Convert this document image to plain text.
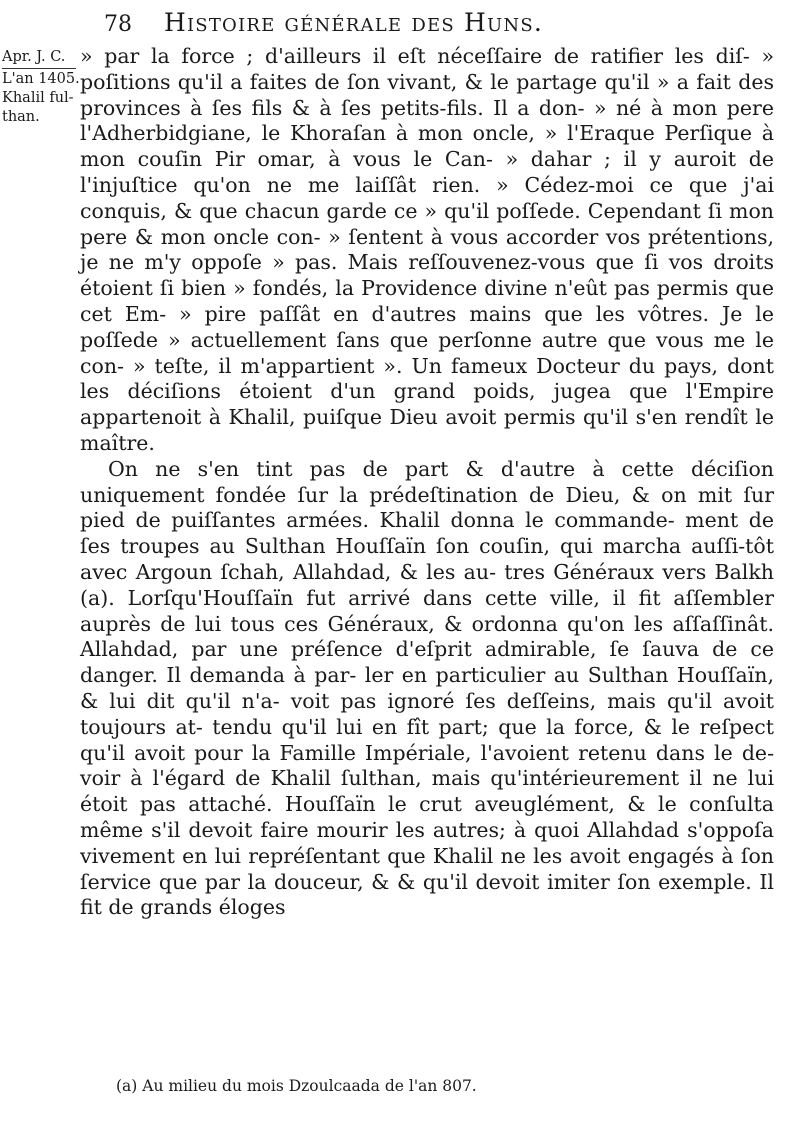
78	Histoire générale des Huns.
Apr. J. C.
L'an 1405.
Khalil ful-
than.

» par la force ; d'ailleurs il eſt néceſſaire de ratifier les diſ- » poſitions qu'il a faites de ſon vivant, & le partage qu'il » a fait des provinces à ſes fils & à ſes petits-fils. Il a don- » né à mon pere l'Adherbidgiane, le Khoraſan à mon oncle, » l'Eraque Perſique à mon couſin Pir omar, à vous le Can- » dahar ; il y auroit de l'injuſtice qu'on ne me laiſſât rien. » Cédez-moi ce que j'ai conquis, & que chacun garde ce » qu'il poſſede. Cependant ſi mon pere & mon oncle con- » ſentent à vous accorder vos prétentions, je ne m'y oppoſe » pas. Mais reſſouvenez-vous que ſi vos droits étoient ſi bien » fondés, la Providence divine n'eût pas permis que cet Em- » pire paſſât en d'autres mains que les vôtres. Je le poſſede » actuellement ſans que perſonne autre que vous me le con- » teſte, il m'appartient ». Un fameux Docteur du pays, dont les déciſions étoient d'un grand poids, jugea que l'Empire appartenoit à Khalil, puiſque Dieu avoit permis qu'il s'en rendît le maître.

On ne s'en tint pas de part & d'autre à cette déciſion uniquement fondée ſur la prédeſtination de Dieu, & on mit ſur pied de puiſſantes armées. Khalil donna le commande- ment de ſes troupes au Sulthan Houſſaïn ſon couſin, qui marcha auſſi-tôt avec Argoun ſchah, Allahdad, & les au- tres Généraux vers Balkh (a). Lorſqu'Houſſaïn fut arrivé dans cette ville, il fit aſſembler auprès de lui tous ces Généraux, & ordonna qu'on les aſſaſſinât. Allahdad, par une préſence d'eſprit admirable, ſe ſauva de ce danger. Il demanda à par- ler en particulier au Sulthan Houſſaïn, & lui dit qu'il n'a- voit pas ignoré ſes deſſeins, mais qu'il avoit toujours at- tendu qu'il lui en fît part; que la force, & le reſpect qu'il avoit pour la Famille Impériale, l'avoient retenu dans le de- voir à l'égard de Khalil ſulthan, mais qu'intérieurement il ne lui étoit pas attaché. Houſſaïn le crut aveuglément, & le conſulta même s'il devoit faire mourir les autres; à quoi Allahdad s'oppoſa vivement en lui repréſentant que Khalil ne les avoit engagés à ſon ſervice que par la douceur, & & qu'il devoit imiter ſon exemple. Il fit de grands éloges

(a) Au milieu du mois Dzoulcaada de l'an 807.
